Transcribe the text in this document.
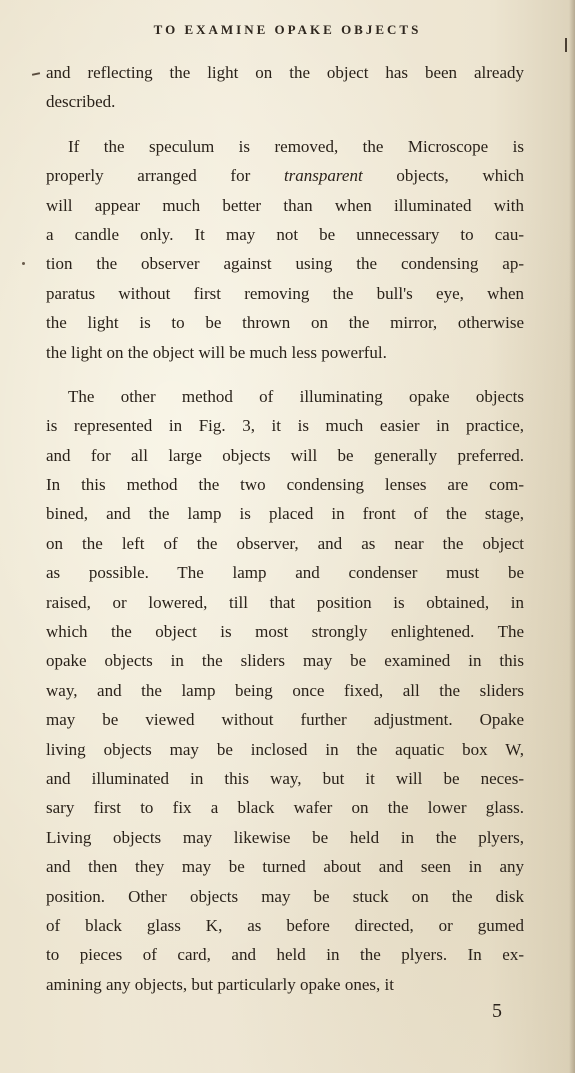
TO EXAMINE OPAKE OBJECTS
and reflecting the light on the object has been already
described.
If the speculum is removed, the Microscope is
properly arranged for transparent objects, which
will appear much better than when illuminated with
a candle only. It may not be unnecessary to cau-
tion the observer against using the condensing ap-
paratus without first removing the bull's eye, when
the light is to be thrown on the mirror, otherwise
the light on the object will be much less powerful.
The other method of illuminating opake objects
is represented in Fig. 3, it is much easier in practice,
and for all large objects will be generally preferred.
In this method the two condensing lenses are com-
bined, and the lamp is placed in front of the stage,
on the left of the observer, and as near the object
as possible. The lamp and condenser must be
raised, or lowered, till that position is obtained, in
which the object is most strongly enlightened. The
opake objects in the sliders may be examined in this
way, and the lamp being once fixed, all the sliders
may be viewed without further adjustment. Opake
living objects may be inclosed in the aquatic box W,
and illuminated in this way, but it will be neces-
sary first to fix a black wafer on the lower glass.
Living objects may likewise be held in the plyers,
and then they may be turned about and seen in any
position. Other objects may be stuck on the disk
of black glass K, as before directed, or gumed
to pieces of card, and held in the plyers. In ex-
amining any objects, but particularly opake ones, it
5
